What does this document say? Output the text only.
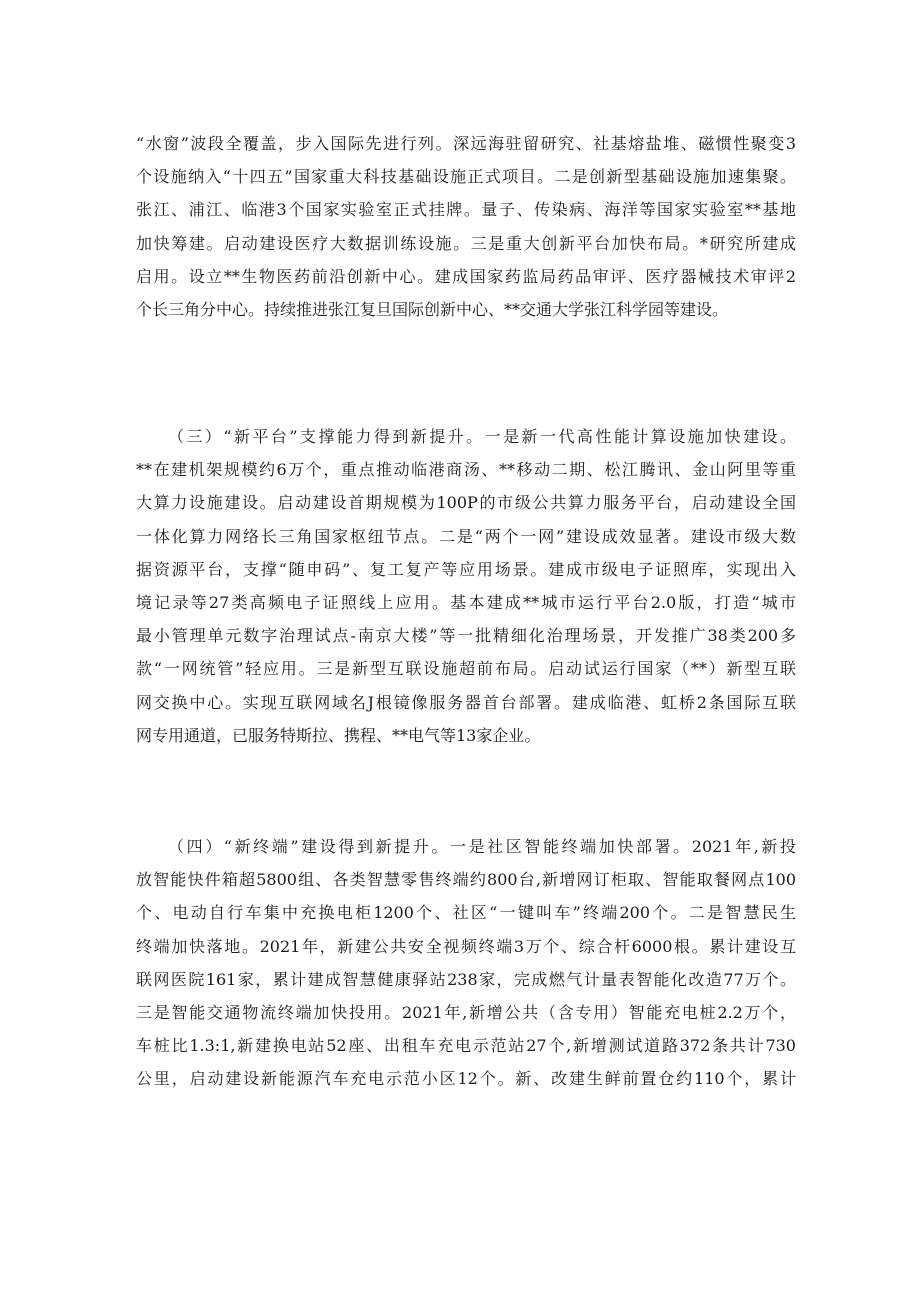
“水窗”波段全覆盖，步入国际先进行列。深远海驻留研究、社基熔盐堆、磁惯性聚变3
个设施纳入“十四五”国家重大科技基础设施正式项目。二是创新型基础设施加速集聚。
张江、浦江、临港3个国家实验室正式挂牌。量子、传染病、海洋等国家实验室**基地
加快筹建。启动建设医疗大数据训练设施。三是重大创新平台加快布局。*研究所建成
启用。设立**生物医药前沿创新中心。建成国家药监局药品审评、医疗器械技术审评2
个长三角分中心。持续推进张江复旦国际创新中心、**交通大学张江科学园等建设。
（三）“新平台”支撑能力得到新提升。一是新一代高性能计算设施加快建设。
**在建机架规模约6万个，重点推动临港商汤、**移动二期、松江腾讯、金山阿里等重
大算力设施建设。启动建设首期规模为100P的市级公共算力服务平台，启动建设全国
一体化算力网络长三角国家枢纽节点。二是“两个一网”建设成效显著。建设市级大数
据资源平台，支撑“随申码”、复工复产等应用场景。建成市级电子证照库，实现出入
境记录等27类高频电子证照线上应用。基本建成**城市运行平台2.0版，打造“城市
最小管理单元数字治理试点-南京大楼”等一批精细化治理场景，开发推广38类200多
款“一网统管”轻应用。三是新型互联设施超前布局。启动试运行国家（**）新型互联
网交换中心。实现互联网域名J根镜像服务器首台部署。建成临港、虹桥2条国际互联
网专用通道，已服务特斯拉、携程、**电气等13家企业。
（四）“新终端”建设得到新提升。一是社区智能终端加快部署。2021年,新投
放智能快件箱超5800组、各类智慧零售终端约800台,新增网订柜取、智能取餐网点100
个、电动自行车集中充换电柜1200个、社区“一键叫车”终端200个。二是智慧民生
终端加快落地。2021年，新建公共安全视频终端3万个、综合杆6000根。累计建设互
联网医院161家，累计建成智慧健康驿站238家，完成燃气计量表智能化改造77万个。
三是智能交通物流终端加快投用。2021年,新增公共（含专用）智能充电桩2.2万个，
车桩比1.3:1,新建换电站52座、出租车充电示范站27个,新增测试道路372条共计730
公里，启动建设新能源汽车充电示范小区12个。新、改建生鲜前置仓约110个，累计
